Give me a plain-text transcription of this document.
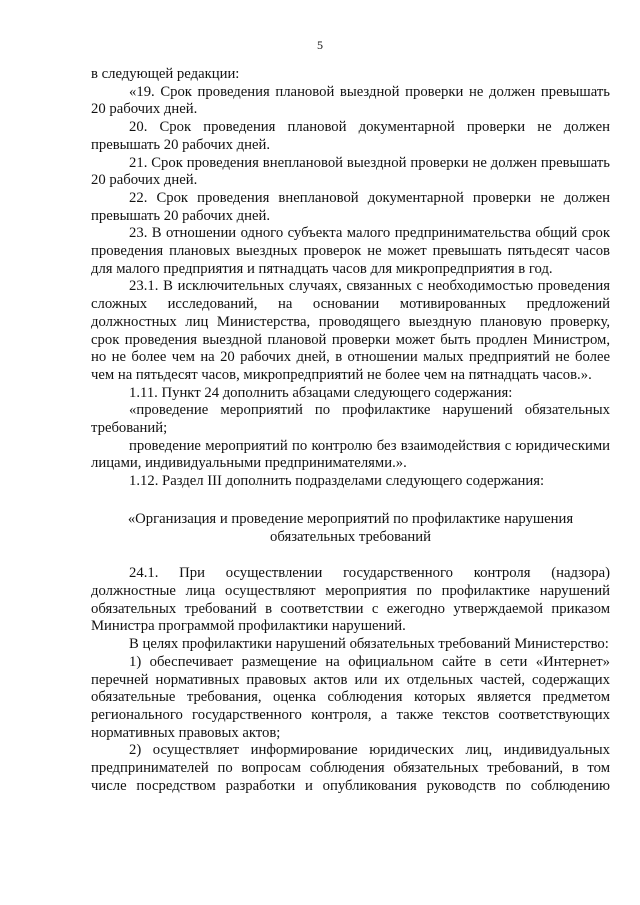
5

в следующей редакции:

«19. Срок проведения плановой выездной проверки не должен превышать 20 рабочих дней.

20. Срок проведения плановой документарной проверки не должен превышать 20 рабочих дней.

21. Срок проведения внеплановой выездной проверки не должен превышать 20 рабочих дней.

22. Срок проведения внеплановой документарной проверки не должен превышать 20 рабочих дней.

23. В отношении одного субъекта малого предпринимательства общий срок проведения плановых выездных проверок не может превышать пятьдесят часов для малого предприятия и пятнадцать часов для микропредприятия в год.

23.1. В исключительных случаях, связанных с необходимостью проведения сложных исследований, на основании мотивированных предложений должностных лиц Министерства, проводящего выездную плановую проверку, срок проведения выездной плановой проверки может быть продлен Министром, но не более чем на 20 рабочих дней, в отношении малых предприятий не более чем на пятьдесят часов, микропредприятий не более чем на пятнадцать часов.».

1.11. Пункт 24 дополнить абзацами следующего содержания:

«проведение мероприятий по профилактике нарушений обязательных требований;

проведение мероприятий по контролю без взаимодействия с юридическими лицами, индивидуальными предпринимателями.».

1.12. Раздел III дополнить подразделами следующего содержания:

«Организация и проведение мероприятий по профилактике нарушения обязательных требований

24.1. При осуществлении государственного контроля (надзора) должностные лица осуществляют мероприятия по профилактике нарушений обязательных требований в соответствии с ежегодно утверждаемой приказом Министра программой профилактики нарушений.

В целях профилактики нарушений обязательных требований Министерство:

1) обеспечивает размещение на официальном сайте в сети «Интернет» перечней нормативных правовых актов или их отдельных частей, содержащих обязательные требования, оценка соблюдения которых является предметом регионального государственного контроля, а также текстов соответствующих нормативных правовых актов;

2) осуществляет информирование юридических лиц, индивидуальных предпринимателей по вопросам соблюдения обязательных требований, в том числе посредством разработки и опубликования руководств по соблюдению
